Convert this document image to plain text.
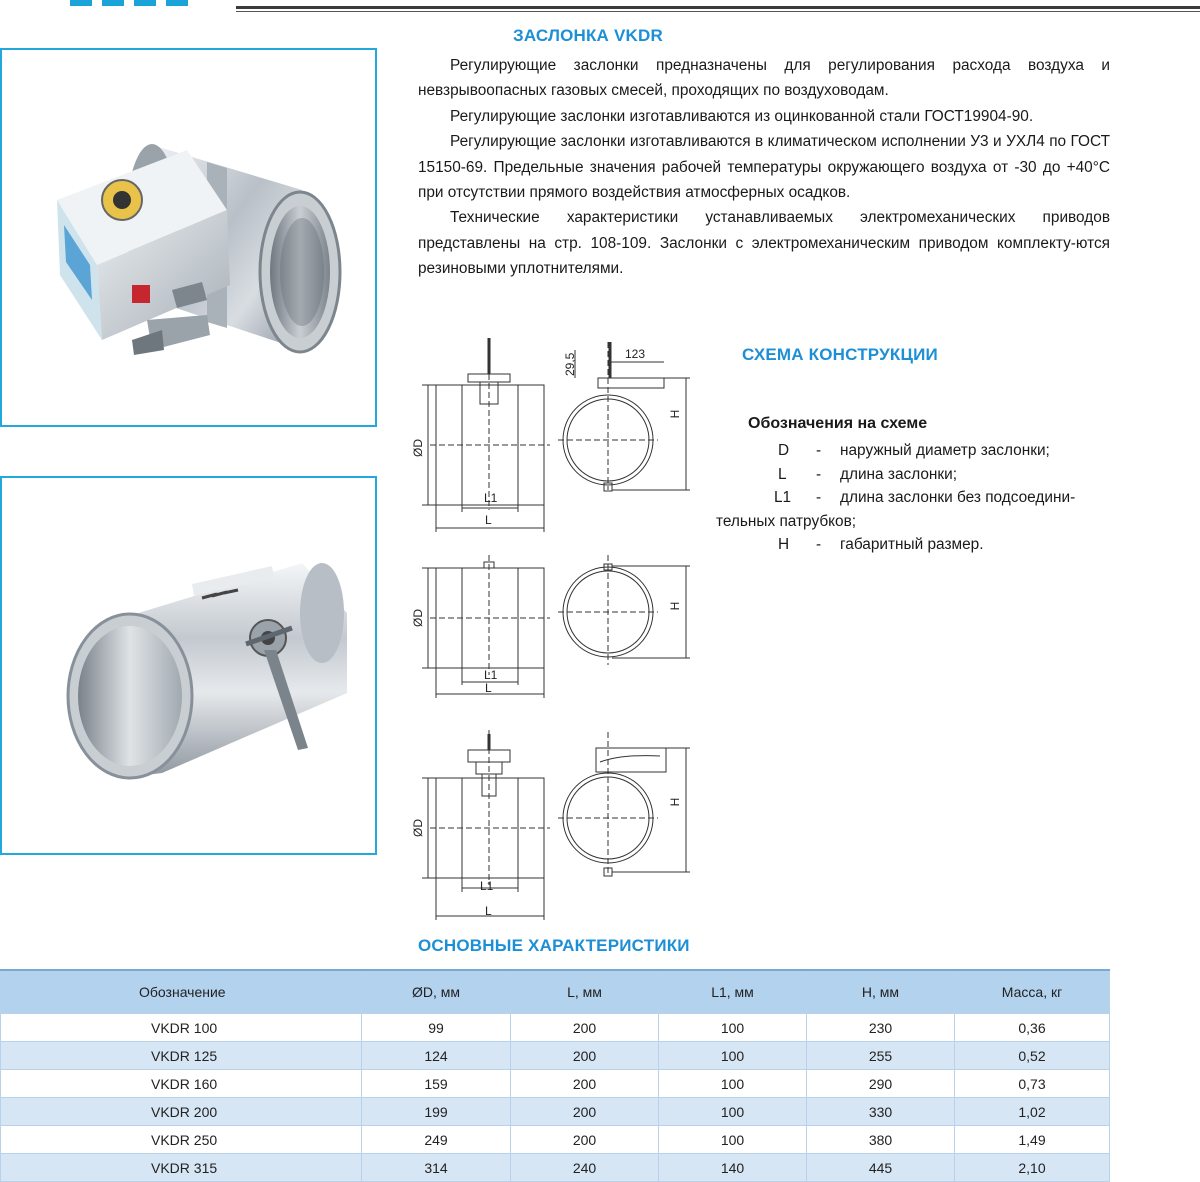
ЗАСЛОНКА VKDR

Регулирующие заслонки предназначены для регулирования расхода воздуха и невзрывоопасных газовых смесей, проходящих по воздуховодам.

Регулирующие заслонки изготавливаются из оцинкованной стали ГОСТ19904-90.

Регулирующие заслонки изготавливаются в климатическом исполнении У3 и УХЛ4 по ГОСТ 15150-69. Предельные значения рабочей температуры окружающего воздуха от -30 до +40°С при отсутствии прямого воздействия атмосферных осадков.

Технические характеристики устанавливаемых электромеханических приводов представлены на стр. 108-109. Заслонки с электромеханическим приводом комплекту-ются резиновыми уплотнителями.

СХЕМА КОНСТРУКЦИИ
ØD
L1
L
123
29,5
H
ØD
L1
L
H
ØD
L1
L
H
Обозначения на схеме
D - наружный диаметр заслонки;
L - длина заслонки;
L1 - длина заслонки без подсоедини-
тельных патрубков;
H - габаритный размер.
ОСНОВНЫЕ ХАРАКТЕРИСТИКИ
Обозначение	ØD, мм	L, мм	L1, мм	H, мм	Масса, кг
VKDR 100	99	200	100	230	0,36
VKDR 125	124	200	100	255	0,52
VKDR 160	159	200	100	290	0,73
VKDR 200	199	200	100	330	1,02
VKDR 250	249	200	100	380	1,49
VKDR 315	314	240	140	445	2,10
